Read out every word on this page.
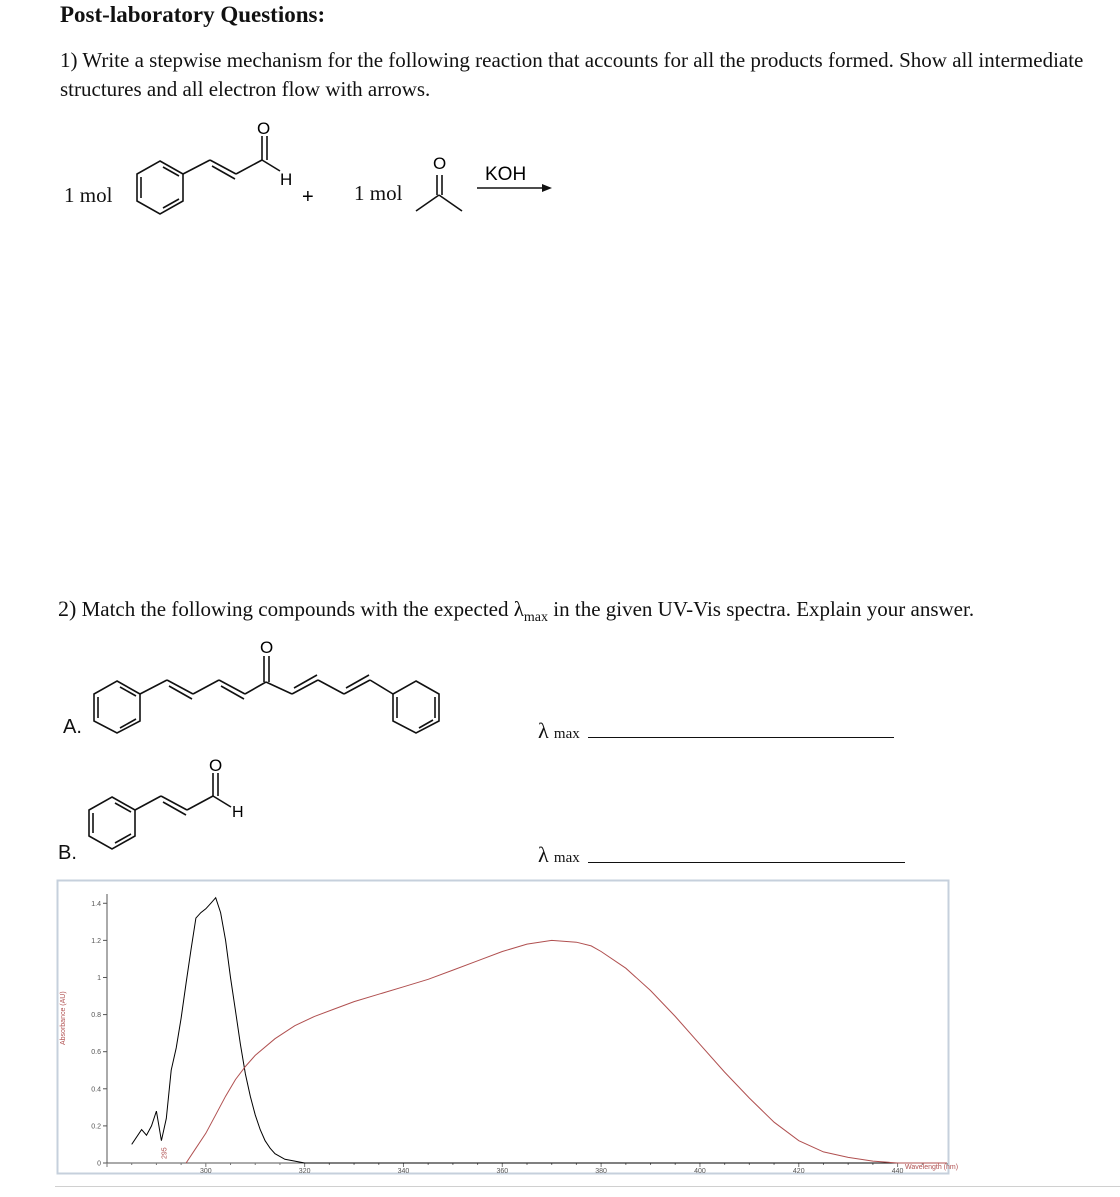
Post-laboratory Questions:
1) Write a stepwise mechanism for the following reaction that accounts for all the products formed. Show all intermediate structures and all electron flow with arrows.
1 mol	1 mol
O
H
+
O
KOH
2) Match the following compounds with the expected $\lambda_{max}$ in the given UV-Vis spectra. Explain your answer.
O
A.	λ max
O
H
B.	λ max
0
0.2
0.4
0.6
0.8
1
1.2
1.4
300	320	340	360	380	400	420	440
Absorbance (AU)
Wavelength (nm)
295
